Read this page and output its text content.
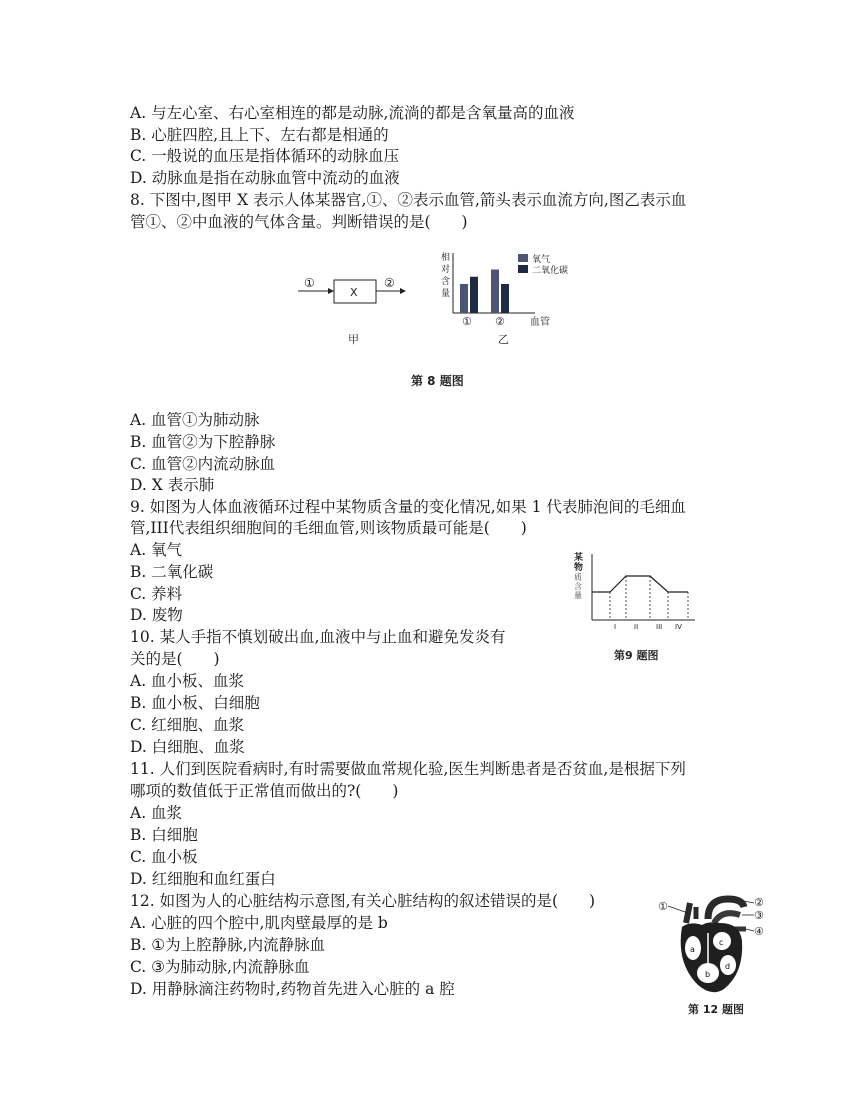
A. 与左心室、右心室相连的都是动脉,流淌的都是含氧量高的血液
B. 心脏四腔,且上下、左右都是相通的
C. 一般说的血压是指体循环的动脉血压
D. 动脉血是指在动脉血管中流动的血液
8. 下图中,图甲 X 表示人体某器官,①、②表示血管,箭头表示血流方向,图乙表示血
管①、②中血液的气体含量。判断错误的是(　　)
①
X
②
甲
相
对
含
量
① ②	血管
氧气
二氧化碳
乙
第 8 题图
A. 血管①为肺动脉
B. 血管②为下腔静脉
C. 血管②内流动脉血
D. X 表示肺
9. 如图为人体血液循环过程中某物质含量的变化情况,如果 1 代表肺泡间的毛细血
管,III代表组织细胞间的毛细血管,则该物质最可能是(　　)
A. 氧气
B. 二氧化碳
C. 养料
D. 废物
某
物
质
含
量
I	II	III IV
第9 题图
10. 某人手指不慎划破出血,血液中与止血和避免发炎有
关的是(　　)
A. 血小板、血浆
B. 血小板、白细胞
C. 红细胞、血浆
D. 白细胞、血浆
11. 人们到医院看病时,有时需要做血常规化验,医生判断患者是否贫血,是根据下列
哪项的数值低于正常值而做出的?(　　)
A. 血浆
B. 白细胞
C. 血小板
D. 红细胞和血红蛋白
12. 如图为人的心脏结构示意图,有关心脏结构的叙述错误的是(　　)
A. 心脏的四个腔中,肌肉壁最厚的是 b
B. ①为上腔静脉,内流静脉血
C. ③为肺动脉,内流静脉血
D. 用静脉滴注药物时,药物首先进入心脏的 a 腔
a
c
b
d
①	②
③
④
第 12 题图
